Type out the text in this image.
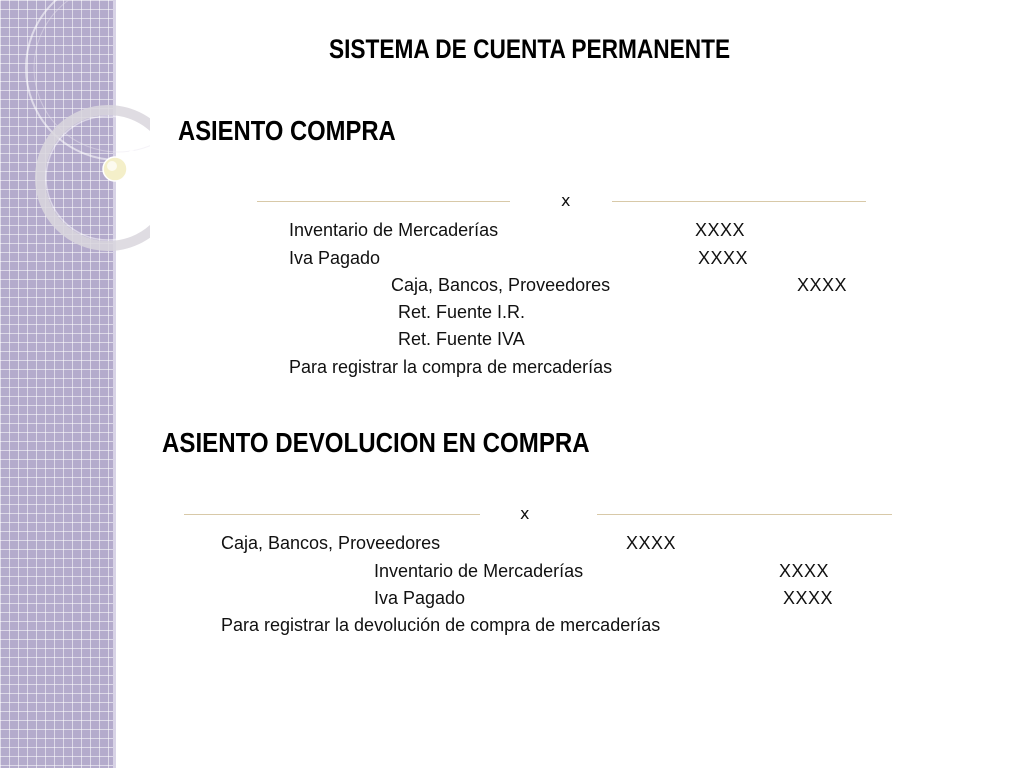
SISTEMA DE CUENTA PERMANENTE
ASIENTO COMPRA
x
Inventario de Mercaderías	XXXX
Iva Pagado	XXXX
Caja, Bancos, Proveedores	XXXX
Ret. Fuente I.R.
Ret. Fuente IVA
Para registrar la compra de mercaderías
ASIENTO DEVOLUCION EN COMPRA
x
Caja, Bancos, Proveedores	XXXX
Inventario de Mercaderías	XXXX
Iva Pagado	XXXX
Para registrar la devolución de compra de mercaderías
